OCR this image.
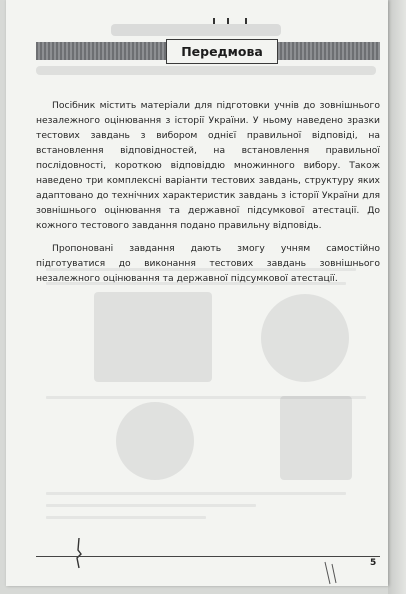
Передмова

Посібник містить матеріали для підготовки учнів до зовнішнього незалежного оцінювання з історії України. У ньому наведено зразки тестових завдань з вибором однієї правильної відповіді, на встановлення відповідностей, на встановлення правильної послідовності, короткою відповіддю множинного вибору. Також наведено три комплексні варіанти тестових завдань, структуру яких адаптовано до технічних характеристик завдань з історії України для зовнішнього оцінювання та державної підсумкової атестації. До кожного тестового завдання подано правильну відповідь.

Пропоновані завдання дають змогу учням самостійно підготуватися до виконання тестових завдань зовнішнього незалежного оцінювання та державної підсумкової атестації.

5
